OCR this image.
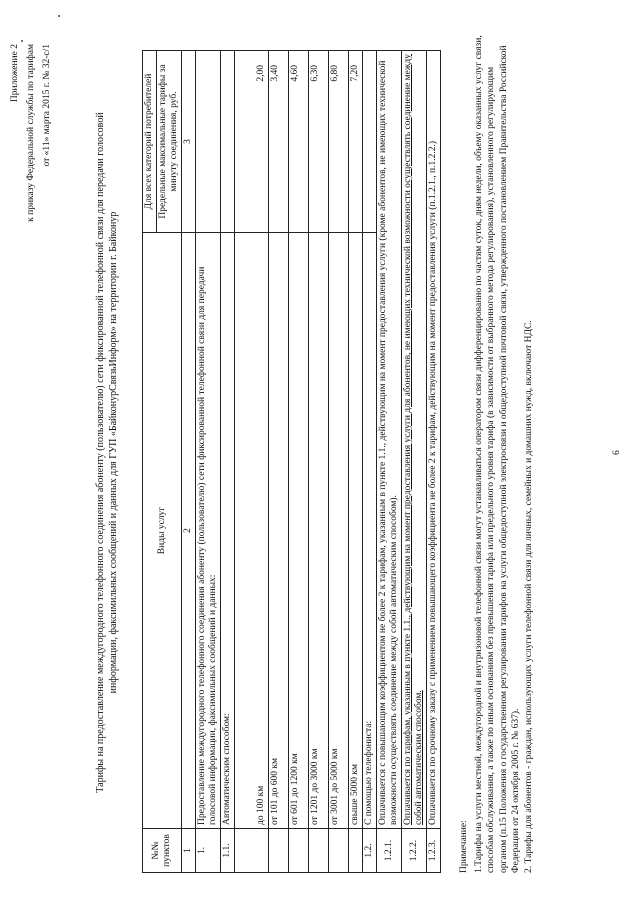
Приложение 2 к приказу Федеральной службы по тарифам от «11» марта 2015 г. № 32-с/1
Тарифы на предоставление междугородного телефонного соединения абоненту (пользователю) сети фиксированной телефонной связи для передачи голосовой информации, факсимильных сообщений и данных для ГУП «БайконурСвязьИнформ» на территории г. Байконур
№№ пунктов	Виды услуг	Для всех категорий потребителей
		Предельные максимальные тарифы за минуту соединения, руб.
1	2	3
1.	Предоставление междугородного телефонного соединения абоненту (пользователю) сети фиксированной телефонной связи для передачи голосовой информации, факсимильных сообщений и данных:	
1.1.	Автоматическим способом:	
	до 100 км	2,00
	от 101 до 600 км	3,40
	от 601 до 1200 км	4,60
	от 1201 до 3000 км	6,30
	от 3001 до 5000 км	6,80
	свыше 5000 км	7,20
1.2.	С помощью телефониста:	
1.2.1.	Оплачивается с повышающим коэффициентом не более 2 к тарифам, указанным в пункте 1.1., действующим на момент предоставления услуги (кроме абонентов, не имеющих технической возможности осуществлять соединение между собой автоматическим способом).	
1.2.2.	Оплачивается по тарифам, указанным в пункте 1.1., действующим на момент предоставления услуги для абонентов, не имеющих технической возможности осуществлять соединение между собой автоматическим способом.	
1.2.3.	Оплачивается по срочному заказу с применением повышающего коэффициента не более 2 к тарифам, действующим на момент предоставления услуги (п.1.2.1., п.1.2.2.)	
Примечание: 1.Тарифы на услуги местной, междугородной и внутризоновой телефонной связи могут устанавливаться оператором связи дифференцированно по частям суток, дням недели, объему оказанных услуг связи, способам обслуживания, а также по иным основаниям без превышения тарифа или предельного уровня тарифа (в зависимости от выбранного метода регулирования), установленного регулирующим органом (п.15 Положения о государственном регулировании тарифов на услуги общедоступной электросвязи и общедоступной почтовой связи, утвержденного постановлением Правительства Российской Федерации от 24 октября 2005 г. № 637). 2. Тарифы для абонентов - граждан, использующих услуги телефонной связи для личных, семейных и домашних нужд, включают НДС.	6
